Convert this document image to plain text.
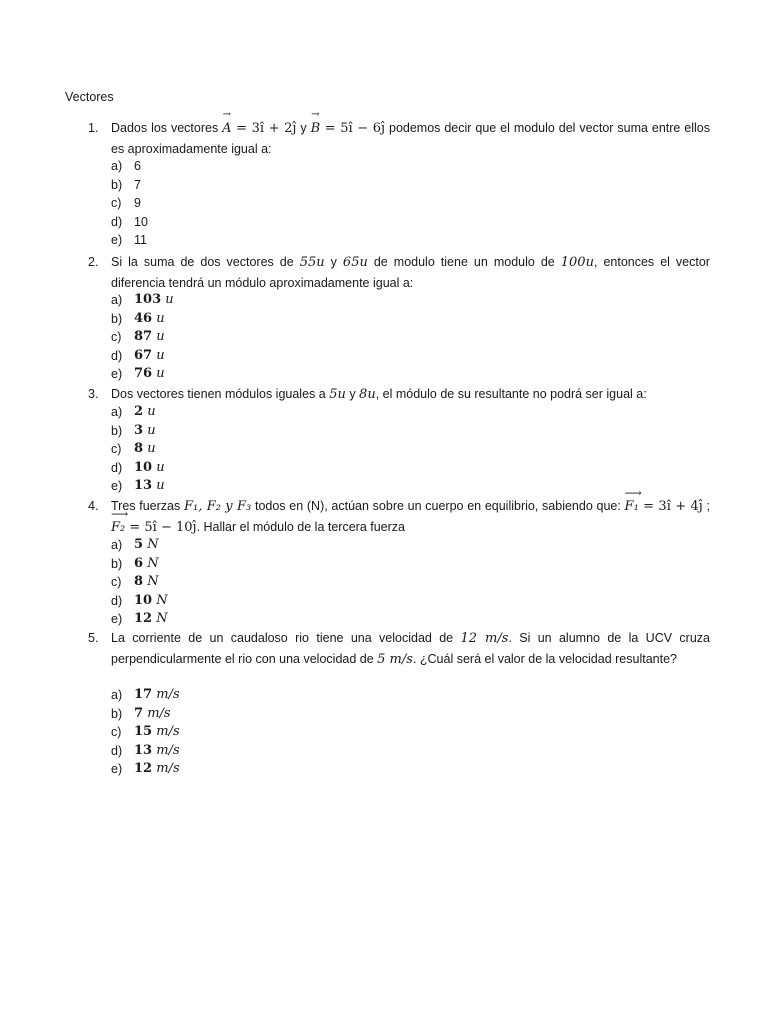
Vectores
1. Dados los vectores → A = 3î + 2ĵ y → B = 5î − 6ĵ podemos decir que el modulo del vector suma entre ellos es aproximadamente igual a:
a) 6
b) 7
c) 9
d) 10
e) 11
2. Si la suma de dos vectores de 55u y 65u de modulo tiene un modulo de 100u, entonces el vector diferencia tendrá un módulo aproximadamente igual a:
a) 103 u
b) 46 u
c) 87 u
d) 67 u
e) 76 u
3. Dos vectores tienen módulos iguales a 5u y 8u, el módulo de su resultante no podrá ser igual a:
a) 2 u
b) 3 u
c) 8 u
d) 10 u
e) 13 u
4. Tres fuerzas F₁, F₂ y F₃ todos en (N), actúan sobre un cuerpo en equilibrio, sabiendo que: ⟶ F₁ = 3î + 4ĵ ; ⟶ F₂ = 5î − 10ĵ. Hallar el módulo de la tercera fuerza
a) 5 N
b) 6 N
c) 8 N
d) 10 N
e) 12 N
5. La corriente de un caudaloso rio tiene una velocidad de 12 m/s. Si un alumno de la UCV cruza perpendicularmente el rio con una velocidad de 5 m/s. ¿Cuál será el valor de la velocidad resultante?
a) 17 m/s
b) 7 m/s
c) 15 m/s
d) 13 m/s
e) 12 m/s
